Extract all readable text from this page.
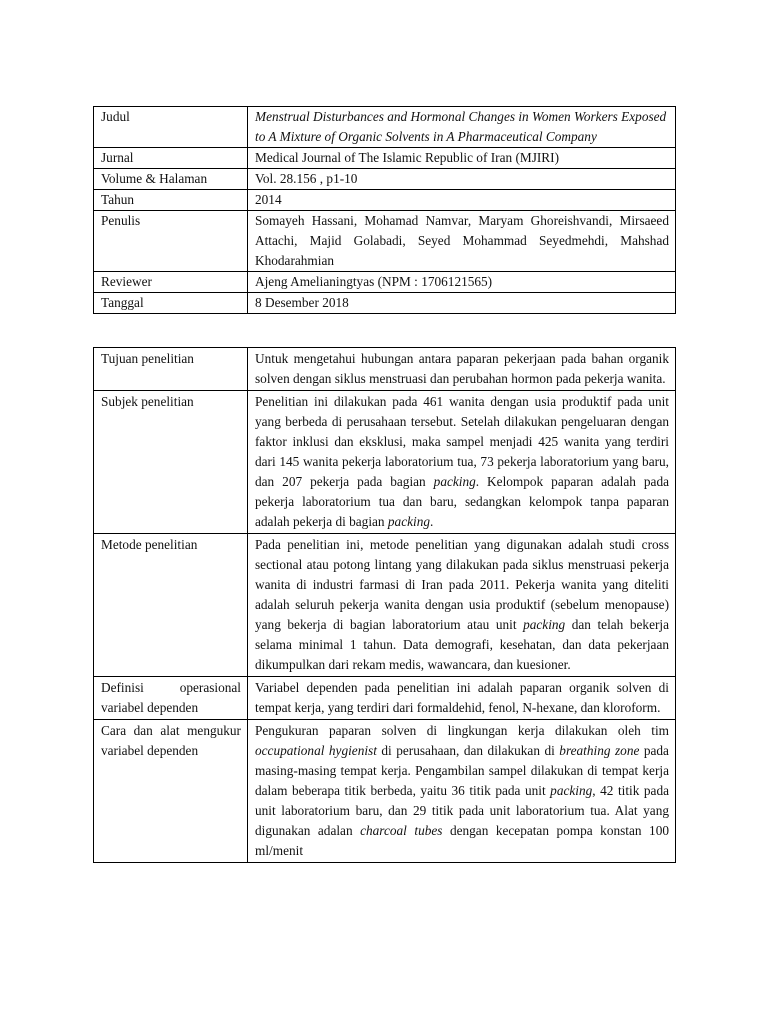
Judul	Menstrual Disturbances and Hormonal Changes in Women Workers Exposed to A Mixture of Organic Solvents in A Pharmaceutical Company
Jurnal	Medical Journal of The Islamic Republic of Iran (MJIRI)
Volume & Halaman	Vol. 28.156 , p1-10
Tahun	2014
Penulis	Somayeh Hassani, Mohamad Namvar, Maryam Ghoreishvandi, Mirsaeed Attachi, Majid Golabadi, Seyed Mohammad Seyedmehdi, Mahshad Khodarahmian
Reviewer	Ajeng Amelianingtyas (NPM : 1706121565)
Tanggal	8 Desember 2018
Tujuan penelitian	Untuk mengetahui hubungan antara paparan pekerjaan pada bahan organik solven dengan siklus menstruasi dan perubahan hormon pada pekerja wanita.
Subjek penelitian	Penelitian ini dilakukan pada 461 wanita dengan usia produktif pada unit yang berbeda di perusahaan tersebut. Setelah dilakukan pengeluaran dengan faktor inklusi dan eksklusi, maka sampel menjadi 425 wanita yang terdiri dari 145 wanita pekerja laboratorium tua, 73 pekerja laboratorium yang baru, dan 207 pekerja pada bagian packing. Kelompok paparan adalah pada pekerja laboratorium tua dan baru, sedangkan kelompok tanpa paparan adalah pekerja di bagian packing.
Metode penelitian	Pada penelitian ini, metode penelitian yang digunakan adalah studi cross sectional atau potong lintang yang dilakukan pada siklus menstruasi pekerja wanita di industri farmasi di Iran pada 2011. Pekerja wanita yang diteliti adalah seluruh pekerja wanita dengan usia produktif (sebelum menopause) yang bekerja di bagian laboratorium atau unit packing dan telah bekerja selama minimal 1 tahun. Data demografi, kesehatan, dan data pekerjaan dikumpulkan dari rekam medis, wawancara, dan kuesioner.
Definisi operasional variabel dependen	Variabel dependen pada penelitian ini adalah paparan organik solven di tempat kerja, yang terdiri dari formaldehid, fenol, N-hexane, dan kloroform.
Cara dan alat mengukur variabel dependen	Pengukuran paparan solven di lingkungan kerja dilakukan oleh tim occupational hygienist di perusahaan, dan dilakukan di breathing zone pada masing-masing tempat kerja. Pengambilan sampel dilakukan di tempat kerja dalam beberapa titik berbeda, yaitu 36 titik pada unit packing, 42 titik pada unit laboratorium baru, dan 29 titik pada unit laboratorium tua. Alat yang digunakan adalan charcoal tubes dengan kecepatan pompa konstan 100 ml/menit
